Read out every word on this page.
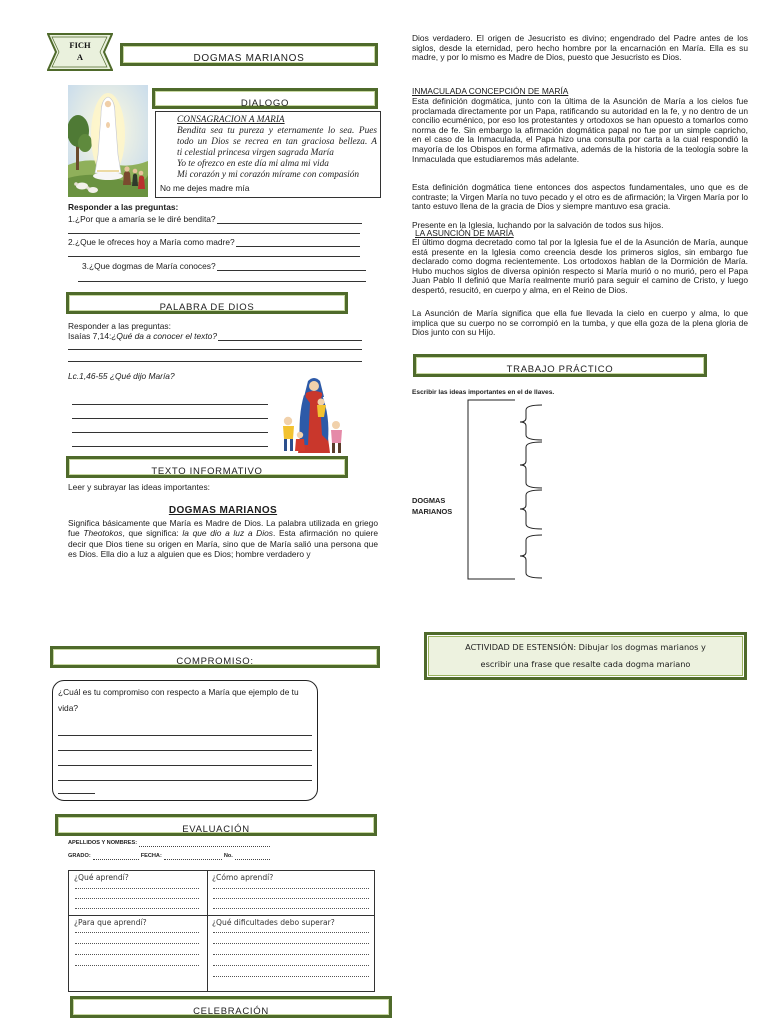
FICH
A	DOGMAS MARIANOS
DIALOGO
CONSAGRACIÓN A MARÍA
Bendita sea tu pureza y eternamente lo sea. Pues
todo un Dios se recrea en tan graciosa belleza. A
ti celestial princesa virgen sagrada María
Yo te ofrezco en este día mi alma mi vida
Mi corazón y mi corazón mírame con compasión
No me dejes madre mía
Responder a las preguntas:
1.¿Por que a amaría se le diré bendita?
2.¿Que le ofreces hoy a María como madre?
3.¿Que dogmas de María conoces?
PALABRA DE DIOS
Responder a las preguntas:
Isaías 7,14: ¿Qué da a conocer el texto?
Lc.1,46-55 ¿Qué dijo María?
TEXTO INFORMATIVO
Leer y subrayar las ideas importantes:
DOGMAS MARIANOS
Significa básicamente que María es Madre de Dios. La palabra utilizada en griego fue Theotokos, que significa: la que dio a luz a Dios. Esta afirmación no quiere decir que Dios tiene su origen en María, sino que de María salió una persona que es Dios. Ella dio a luz a alguien que es Dios; hombre verdadero y
Dios verdadero. El origen de Jesucristo es divino; engendrado del Padre antes de los siglos, desde la eternidad, pero hecho hombre por la encarnación en María. Ella es su madre, y por lo mismo es Madre de Dios, puesto que Jesucristo es Dios.
INMACULADA CONCEPCIÓN DE MARÍA
Esta definición dogmática, junto con la última de la Asunción de María a los cielos fue proclamada directamente por un Papa, ratificando su autoridad en la fe, y no dentro de un concilio ecuménico, por eso los protestantes y ortodoxos se han opuesto a tomarlos como norma de fe. Sin embargo la afirmación dogmática papal no fue por un simple capricho, en el caso de la Inmaculada, el Papa hizo una consulta por carta a la cual respondió la mayoría de los Obispos en forma afirmativa, además de la historia de la teología sobre la Inmaculada que estudiaremos más adelante.
Esta definición dogmática tiene entonces dos aspectos fundamentales, uno que es de contraste; la Virgen María no tuvo pecado y el otro es de afirmación; la Virgen María por lo tanto estuvo llena de la gracia de Dios y siempre mantuvo esa gracia.
Presente en la Iglesia, luchando por la salvación de todos sus hijos.
LA ASUNCIÓN DE MARÍA
El último dogma decretado como tal por la Iglesia fue el de la Asunción de María, aunque está presente en la Iglesia como creencia desde los primeros siglos, sin embargo fue declarado como dogma recientemente. Los ortodoxos hablan de la Dormición de María. Hubo muchos siglos de diversa opinión respecto si María murió o no murió, pero el Papa Juan Pablo II definió que María realmente murió para seguir el camino de Cristo, y luego despertó, resucitó, en cuerpo y alma, en el Reino de Dios.
La Asunción de María significa que ella fue llevada la cielo en cuerpo y alma, lo que implica que su cuerpo no se corrompió en la tumba, y que ella goza de la plena gloria de Dios junto con su Hijo.
TRABAJO PRÁCTICO
Escribir las ideas importantes en el de llaves.
DOGMAS
MARIANOS
ACTIVIDAD DE ESTENSIÓN: Dibujar los dogmas marianos y
escribir una frase que resalte cada dogma mariano
COMPROMISO:
¿Cuál es tu compromiso con respecto a María que ejemplo de tu vida?
EVALUACIÓN
APELLIDOS Y NOMBRES:
GRADO:	FECHA:	No.
¿Qué aprendí?	¿Cómo aprendí?
¿Para que aprendí?	¿Qué dificultades debo superar?
CELEBRACIÓN
